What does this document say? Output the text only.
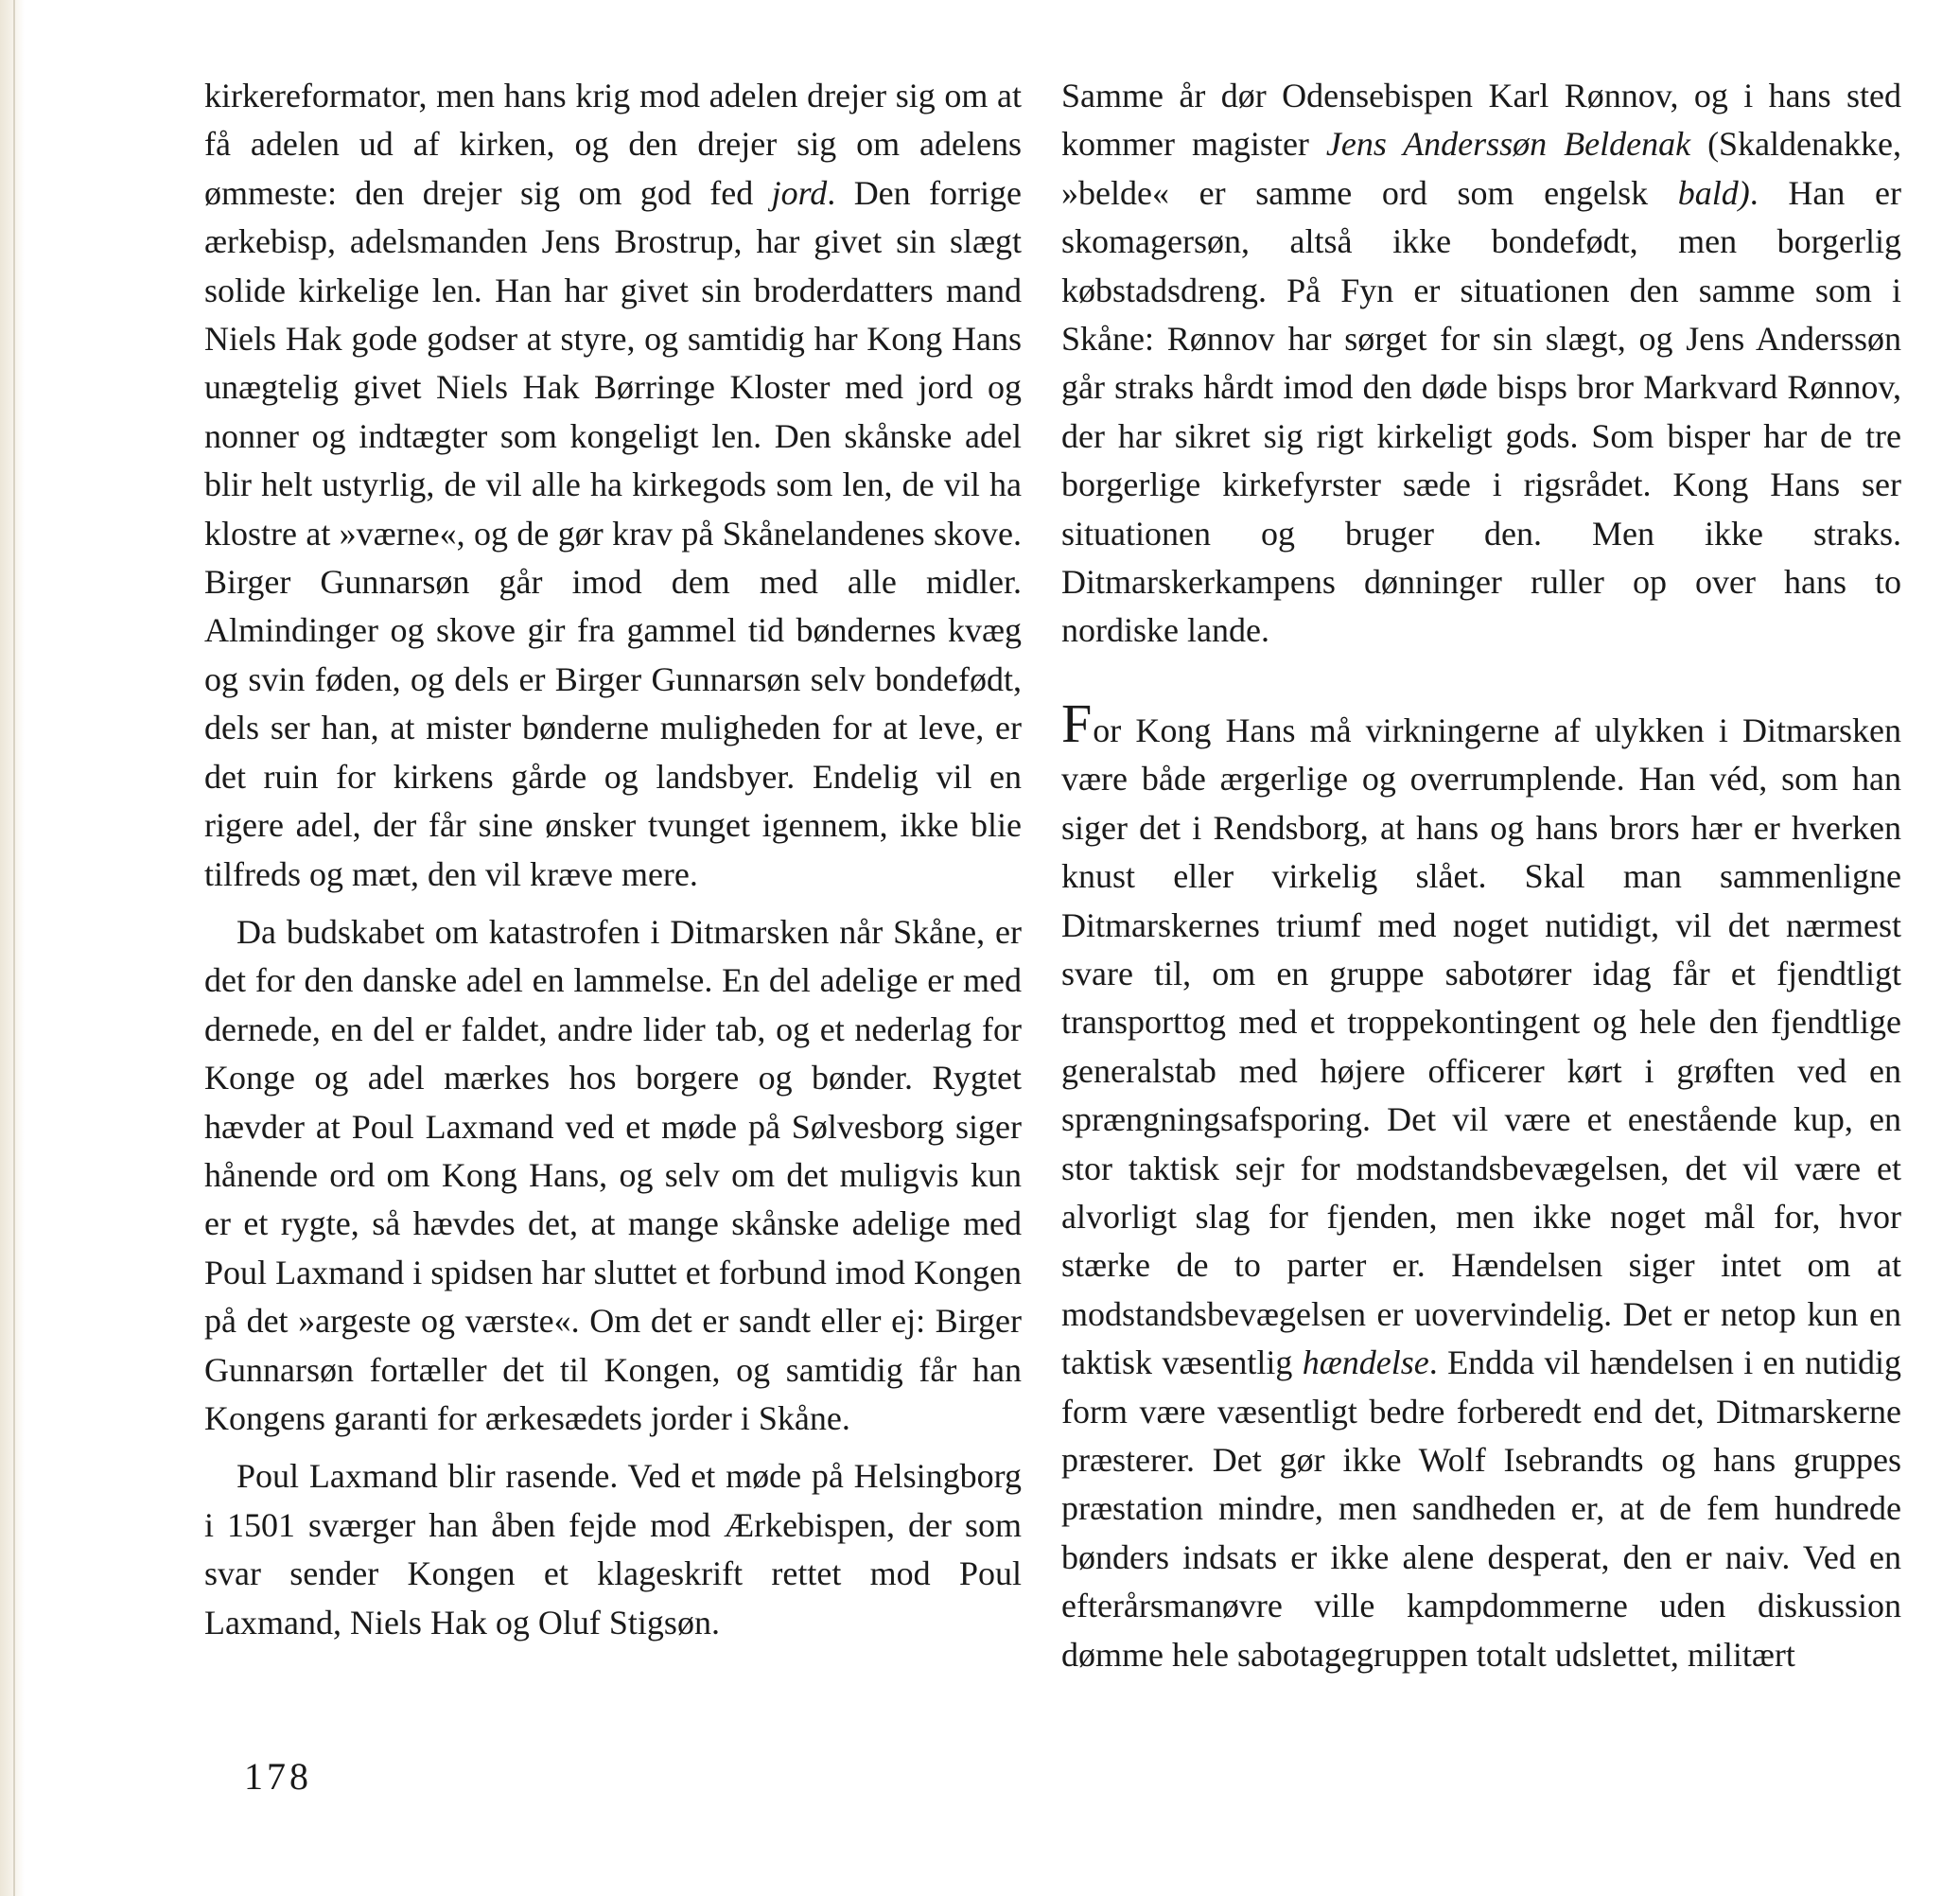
kirkereformator, men hans krig mod adelen drejer sig om at få adelen ud af kirken, og den drejer sig om adelens ømmeste: den drejer sig om god fed jord. Den forrige ærkebisp, adelsmanden Jens Brostrup, har givet sin slægt solide kirkelige len. Han har givet sin broderdatters mand Niels Hak gode godser at styre, og samtidig har Kong Hans unægtelig givet Niels Hak Børringe Kloster med jord og nonner og indtægter som kongeligt len. Den skånske adel blir helt ustyrlig, de vil alle ha kirkegods som len, de vil ha klostre at »værne«, og de gør krav på Skånelandenes skove. Birger Gunnarsøn går imod dem med alle midler. Almindinger og skove gir fra gammel tid bøndernes kvæg og svin føden, og dels er Birger Gunnarsøn selv bondefødt, dels ser han, at mister bønderne muligheden for at leve, er det ruin for kirkens gårde og landsbyer. Endelig vil en rigere adel, der får sine ønsker tvunget igennem, ikke blie tilfreds og mæt, den vil kræve mere.

Da budskabet om katastrofen i Ditmarsken når Skåne, er det for den danske adel en lammelse. En del adelige er med dernede, en del er faldet, andre lider tab, og et nederlag for Konge og adel mærkes hos borgere og bønder. Rygtet hævder at Poul Laxmand ved et møde på Sølvesborg siger hånende ord om Kong Hans, og selv om det muligvis kun er et rygte, så hævdes det, at mange skånske adelige med Poul Laxmand i spidsen har sluttet et forbund imod Kongen på det »argeste og værste«. Om det er sandt eller ej: Birger Gunnarsøn fortæller det til Kongen, og samtidig får han Kongens garanti for ærkesædets jorder i Skåne.

Poul Laxmand blir rasende. Ved et møde på Helsingborg i 1501 sværger han åben fejde mod Ærkebispen, der som svar sender Kongen et klageskrift rettet mod Poul Laxmand, Niels Hak og Oluf Stigsøn.

Samme år dør Odensebispen Karl Rønnov, og i hans sted kommer magister Jens Anderssøn Beldenak (Skaldenakke, »belde« er samme ord som engelsk bald). Han er skomagersøn, altså ikke bondefødt, men borgerlig købstadsdreng. På Fyn er situationen den samme som i Skåne: Rønnov har sørget for sin slægt, og Jens Anderssøn går straks hårdt imod den døde bisps bror Markvard Rønnov, der har sikret sig rigt kirkeligt gods. Som bisper har de tre borgerlige kirkefyrster sæde i rigsrådet. Kong Hans ser situationen og bruger den. Men ikke straks. Ditmarskerkampens dønninger ruller op over hans to nordiske lande.

For Kong Hans må virkningerne af ulykken i Ditmarsken være både ærgerlige og overrumplende. Han véd, som han siger det i Rendsborg, at hans og hans brors hær er hverken knust eller virkelig slået. Skal man sammenligne Ditmarskernes triumf med noget nutidigt, vil det nærmest svare til, om en gruppe sabotører idag får et fjendtligt transporttog med et troppekontingent og hele den fjendtlige generalstab med højere officerer kørt i grøften ved en sprængningsafsporing. Det vil være et enestående kup, en stor taktisk sejr for modstandsbevægelsen, det vil være et alvorligt slag for fjenden, men ikke noget mål for, hvor stærke de to parter er. Hændelsen siger intet om at modstandsbevægelsen er uovervindelig. Det er netop kun en taktisk væsentlig hændelse. Endda vil hændelsen i en nutidig form være væsentligt bedre forberedt end det, Ditmarskerne præsterer. Det gør ikke Wolf Isebrandts og hans gruppes præstation mindre, men sandheden er, at de fem hundrede bønders indsats er ikke alene desperat, den er naiv. Ved en efterårsmanøvre ville kampdommerne uden diskussion dømme hele sabotagegruppen totalt udslettet, militært

178
